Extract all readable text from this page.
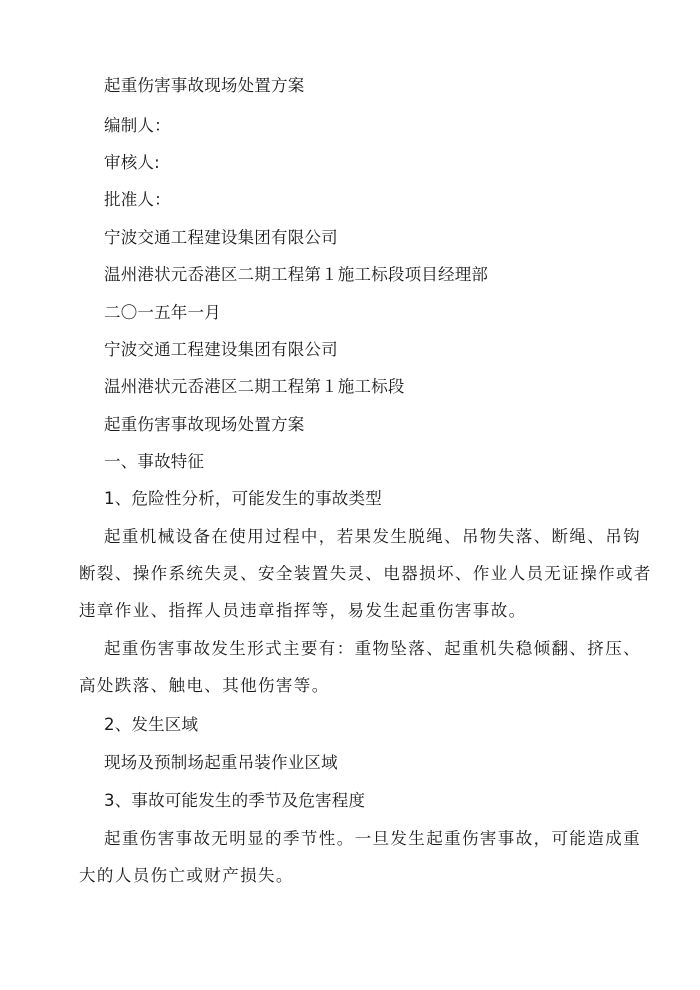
起重伤害事故现场处置方案
编制人：
审核人:
批准人：
宁波交通工程建设集团有限公司
温州港状元岙港区二期工程第１施工标段项目经理部
二〇一五年一月
宁波交通工程建设集团有限公司
温州港状元岙港区二期工程第１施工标段
起重伤害事故现场处置方案
一、事故特征
1、危险性分析，可能发生的事故类型
起重机械设备在使用过程中，若果发生脱绳、吊物失落、断绳、吊钩
断裂、操作系统失灵、安全装置失灵、电器损坏、作业人员无证操作或者
违章作业、指挥人员违章指挥等，易发生起重伤害事故。
起重伤害事故发生形式主要有：重物坠落、起重机失稳倾翻、挤压、
高处跌落、触电、其他伤害等。
2、发生区域
现场及预制场起重吊装作业区域
3、事故可能发生的季节及危害程度
起重伤害事故无明显的季节性。一旦发生起重伤害事故，可能造成重
大的人员伤亡或财产损失。
